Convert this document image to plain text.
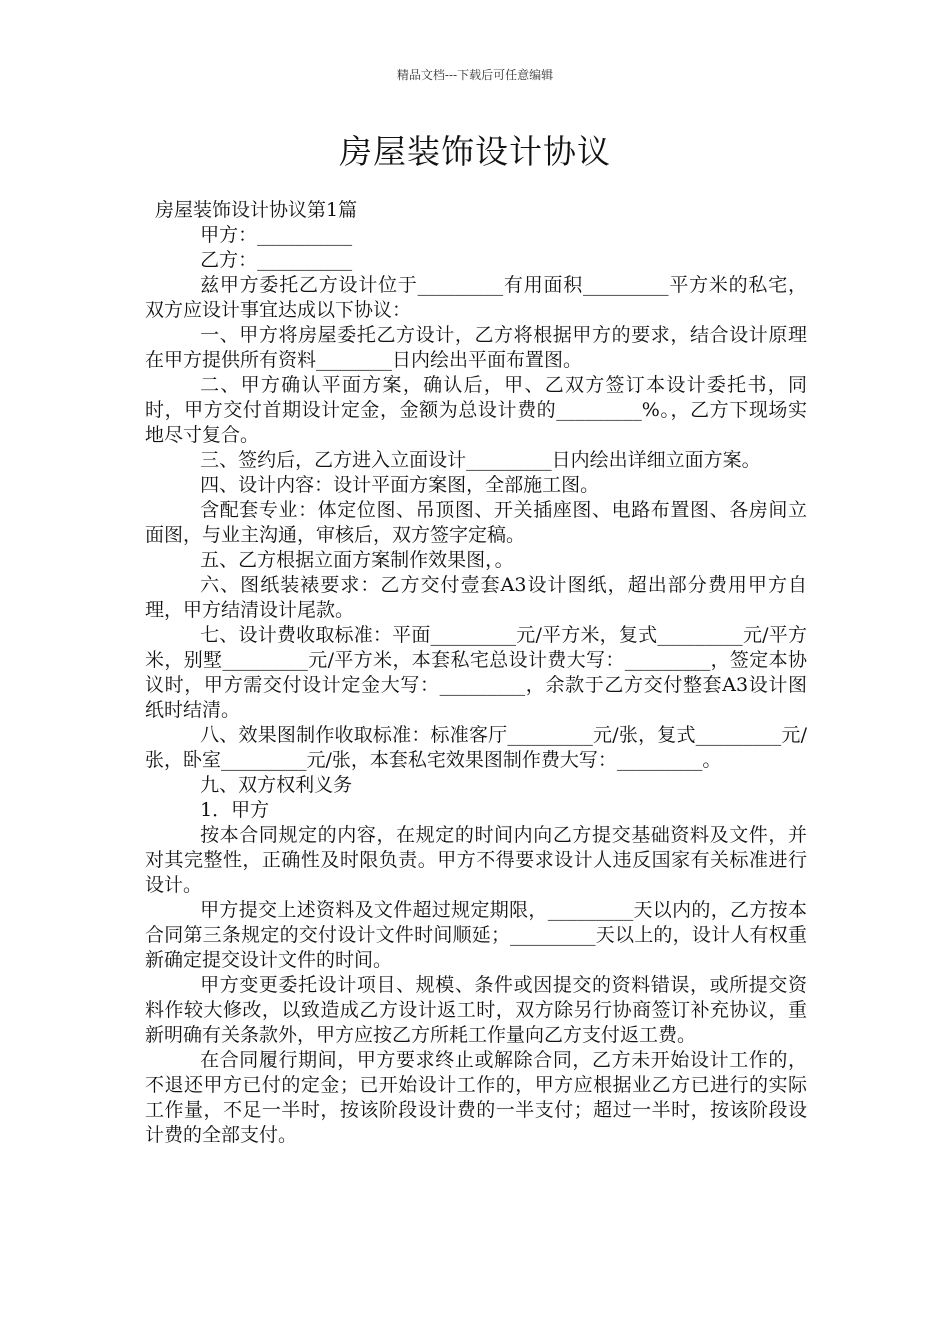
精品文档---下载后可任意编辑
房屋装饰设计协议

房屋装饰设计协议第1篇

甲方：__________

乙方：__________

兹甲方委托乙方设计位于_________有用面积_________平方米的私宅，双方应设计事宜达成以下协议：

一、甲方将房屋委托乙方设计，乙方将根据甲方的要求，结合设计原理在甲方提供所有资料________日内绘出平面布置图。

二、甲方确认平面方案，确认后，甲、乙双方签订本设计委托书，同时，甲方交付首期设计定金，金额为总设计费的_________%。，乙方下现场实地尽寸复合。

三、签约后，乙方进入立面设计_________日内绘出详细立面方案。

四、设计内容：设计平面方案图，全部施工图。

含配套专业：体定位图、吊顶图、开关插座图、电路布置图、各房间立面图，与业主沟通，审核后，双方签字定稿。

五、乙方根据立面方案制作效果图，。

六、图纸装裱要求：乙方交付壹套A3设计图纸，超出部分费用甲方自理，甲方结清设计尾款。

七、设计费收取标准：平面_________元/平方米，复式_________元/平方米，别墅_________元/平方米，本套私宅总设计费大写：_________，签定本协议时，甲方需交付设计定金大写：_________，余款于乙方交付整套A3设计图纸时结清。

八、效果图制作收取标准：标准客厅_________元/张，复式_________元/张，卧室_________元/张，本套私宅效果图制作费大写：_________。

九、双方权利义务

1．甲方

按本合同规定的内容，在规定的时间内向乙方提交基础资料及文件，并对其完整性，正确性及时限负责。甲方不得要求设计人违反国家有关标准进行设计。

甲方提交上述资料及文件超过规定期限，_________天以内的，乙方按本合同第三条规定的交付设计文件时间顺延；_________天以上的，设计人有权重新确定提交设计文件的时间。

甲方变更委托设计项目、规模、条件或因提交的资料错误，或所提交资料作较大修改，以致造成乙方设计返工时，双方除另行协商签订补充协议，重新明确有关条款外，甲方应按乙方所耗工作量向乙方支付返工费。

在合同履行期间，甲方要求终止或解除合同，乙方未开始设计工作的，不退还甲方已付的定金；已开始设计工作的，甲方应根据业乙方已进行的实际工作量，不足一半时，按该阶段设计费的一半支付；超过一半时，按该阶段设计费的全部支付。
